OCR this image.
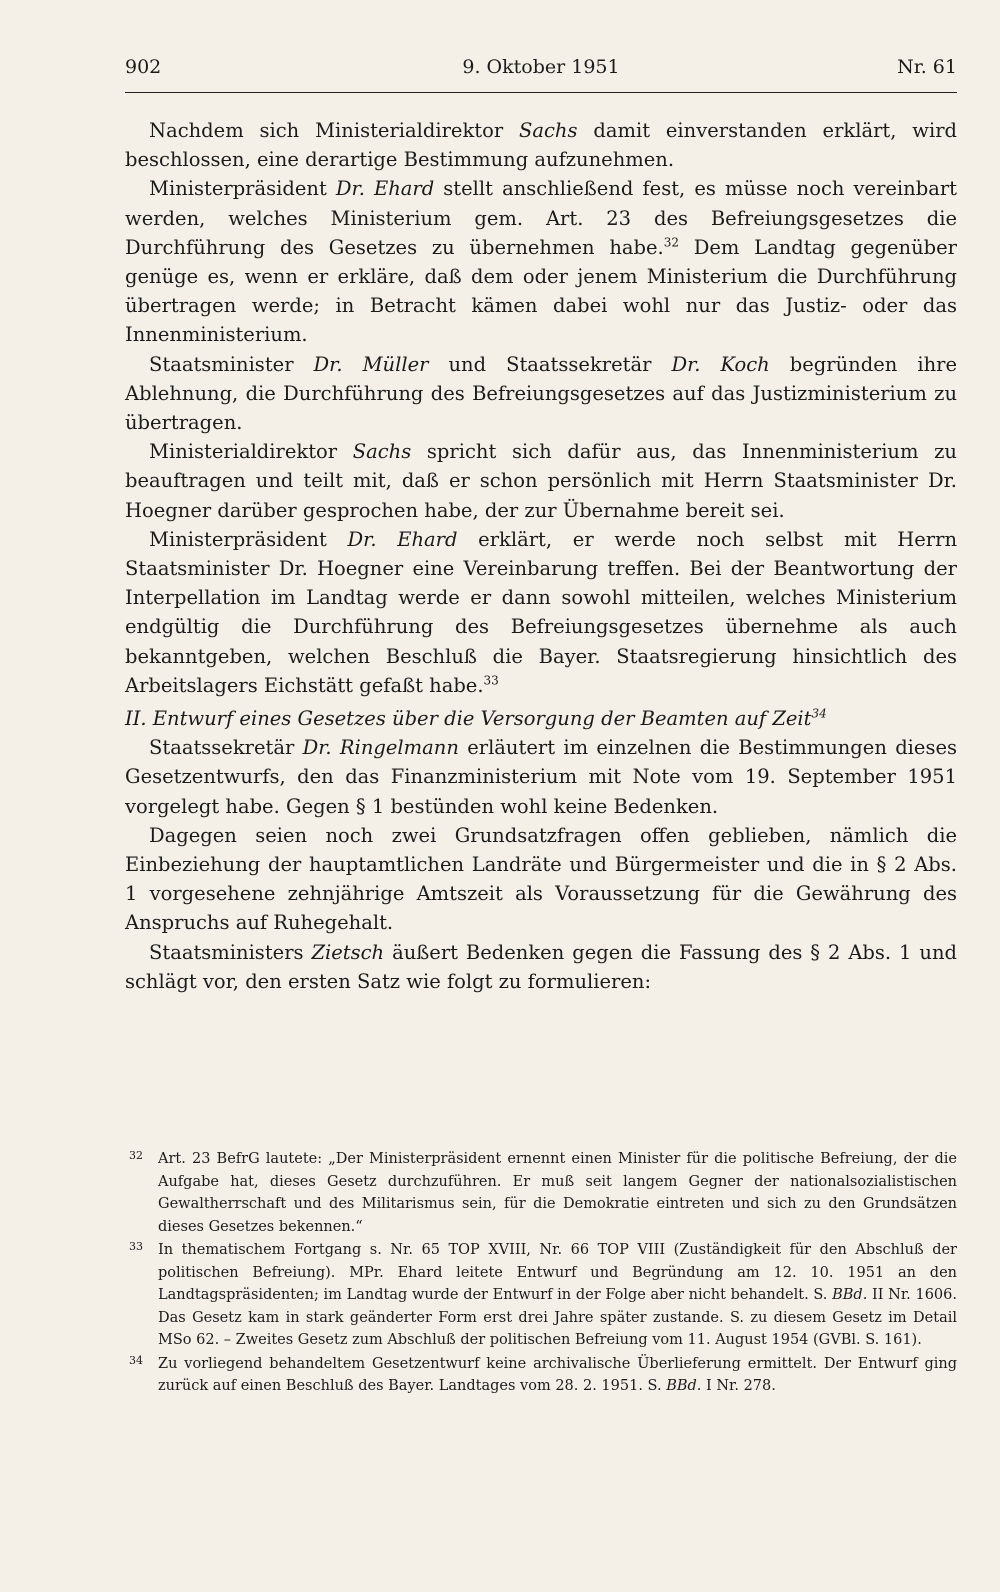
902	9. Oktober 1951	Nr. 61

Nachdem sich Ministerialdirektor Sachs damit einverstanden erklärt, wird beschlossen, eine derartige Bestimmung aufzunehmen.

Ministerpräsident Dr. Ehard stellt anschließend fest, es müsse noch vereinbart werden, welches Ministerium gem. Art. 23 des Befreiungsgesetzes die Durchführung des Gesetzes zu übernehmen habe.$^{32}$ Dem Landtag gegenüber genüge es, wenn er erkläre, daß dem oder jenem Ministerium die Durchführung übertragen werde; in Betracht kämen dabei wohl nur das Justiz- oder das Innenministerium.

Staatsminister Dr. Müller und Staatssekretär Dr. Koch begründen ihre Ablehnung, die Durchführung des Befreiungsgesetzes auf das Justizministerium zu übertragen.

Ministerialdirektor Sachs spricht sich dafür aus, das Innenministerium zu beauftragen und teilt mit, daß er schon persönlich mit Herrn Staatsminister Dr. Hoegner darüber gesprochen habe, der zur Übernahme bereit sei.

Ministerpräsident Dr. Ehard erklärt, er werde noch selbst mit Herrn Staatsminister Dr. Hoegner eine Vereinbarung treffen. Bei der Beantwortung der Interpellation im Landtag werde er dann sowohl mitteilen, welches Ministerium endgültig die Durchführung des Befreiungsgesetzes übernehme als auch bekanntgeben, welchen Beschluß die Bayer. Staatsregierung hinsichtlich des Arbeitslagers Eichstätt gefaßt habe.$^{33}$

II. Entwurf eines Gesetzes über die Versorgung der Beamten auf Zeit$^{34}$

Staatssekretär Dr. Ringelmann erläutert im einzelnen die Bestimmungen dieses Gesetzentwurfs, den das Finanzministerium mit Note vom 19. September 1951 vorgelegt habe. Gegen § 1 bestünden wohl keine Bedenken.

Dagegen seien noch zwei Grundsatzfragen offen geblieben, nämlich die Einbeziehung der hauptamtlichen Landräte und Bürgermeister und die in § 2 Abs. 1 vorgesehene zehnjährige Amtszeit als Voraussetzung für die Gewährung des Anspruchs auf Ruhegehalt.

Staatsministers Zietsch äußert Bedenken gegen die Fassung des § 2 Abs. 1 und schlägt vor, den ersten Satz wie folgt zu formulieren:

32 Art. 23 BefrG lautete: „Der Ministerpräsident ernennt einen Minister für die politische Befreiung, der die Aufgabe hat, dieses Gesetz durchzuführen. Er muß seit langem Gegner der nationalsozialistischen Gewaltherrschaft und des Militarismus sein, für die Demokratie eintreten und sich zu den Grundsätzen dieses Gesetzes bekennen.“
33 In thematischem Fortgang s. Nr. 65 TOP XVIII, Nr. 66 TOP VIII (Zuständigkeit für den Abschluß der politischen Befreiung). MPr. Ehard leitete Entwurf und Begründung am 12. 10. 1951 an den Landtagspräsidenten; im Landtag wurde der Entwurf in der Folge aber nicht behandelt. S. BBd. II Nr. 1606. Das Gesetz kam in stark geänderter Form erst drei Jahre später zustande. S. zu diesem Gesetz im Detail MSo 62. – Zweites Gesetz zum Abschluß der politischen Befreiung vom 11. August 1954 (GVBl. S. 161).
34 Zu vorliegend behandeltem Gesetzentwurf keine archivalische Überlieferung ermittelt. Der Entwurf ging zurück auf einen Beschluß des Bayer. Landtages vom 28. 2. 1951. S. BBd. I Nr. 278.
